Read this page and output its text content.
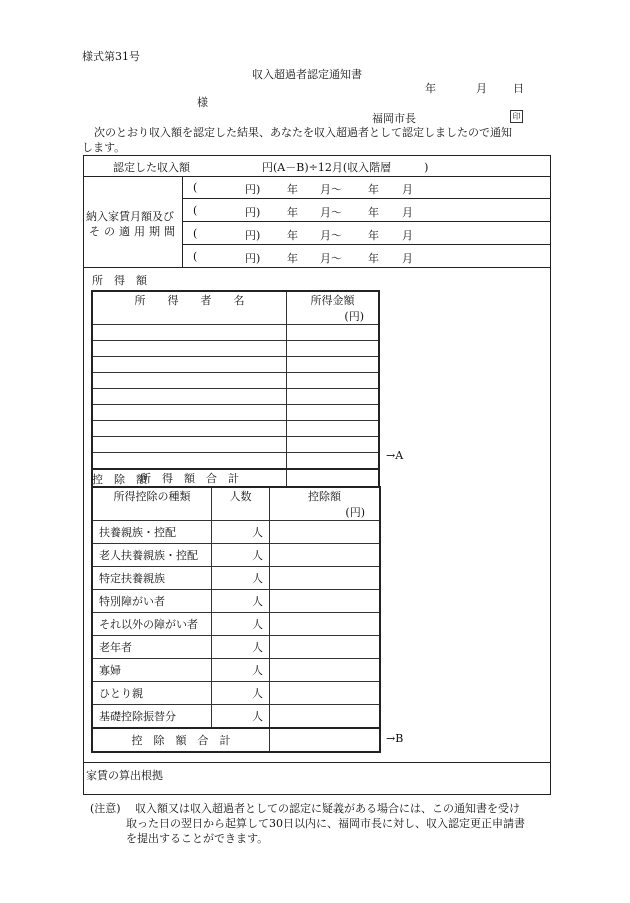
様式第31号
収入超過者認定通知書
年	月 日
様
福岡市長	印
次のとおり収入額を認定した結果、あなたを収入超過者として認定しましたので通知
します。
認定した収入額	円(A－B)÷12月(収入階層　　　)
納入家賃月額及び
その適用期間
(	円) 年 月～ 年 月
(	円) 年 月～ 年 月
(	円) 年 月～ 年 月
(	円) 年 月～ 年 月
所　得　額
所　　得　　者　　名	所得金額
(円)

所　得　額　合　計	
→A
控　除　額
所得控除の種類	人数	控除額
(円)

扶養親族・控配	人	
老人扶養親族・控配	人	
特定扶養親族	人	
特別障がい者	人	
それ以外の障がい者	人	
老年者	人	
寡婦	人	
ひとり親	人	
基礎控除振替分	人	
控　除　額　合　計			→B
家賃の算出根拠
(注意) 収入額又は収入超過者としての認定に疑義がある場合には、この通知書を受け
取った日の翌日から起算して30日以内に、福岡市長に対し、収入認定更正申請書
を提出することができます。
